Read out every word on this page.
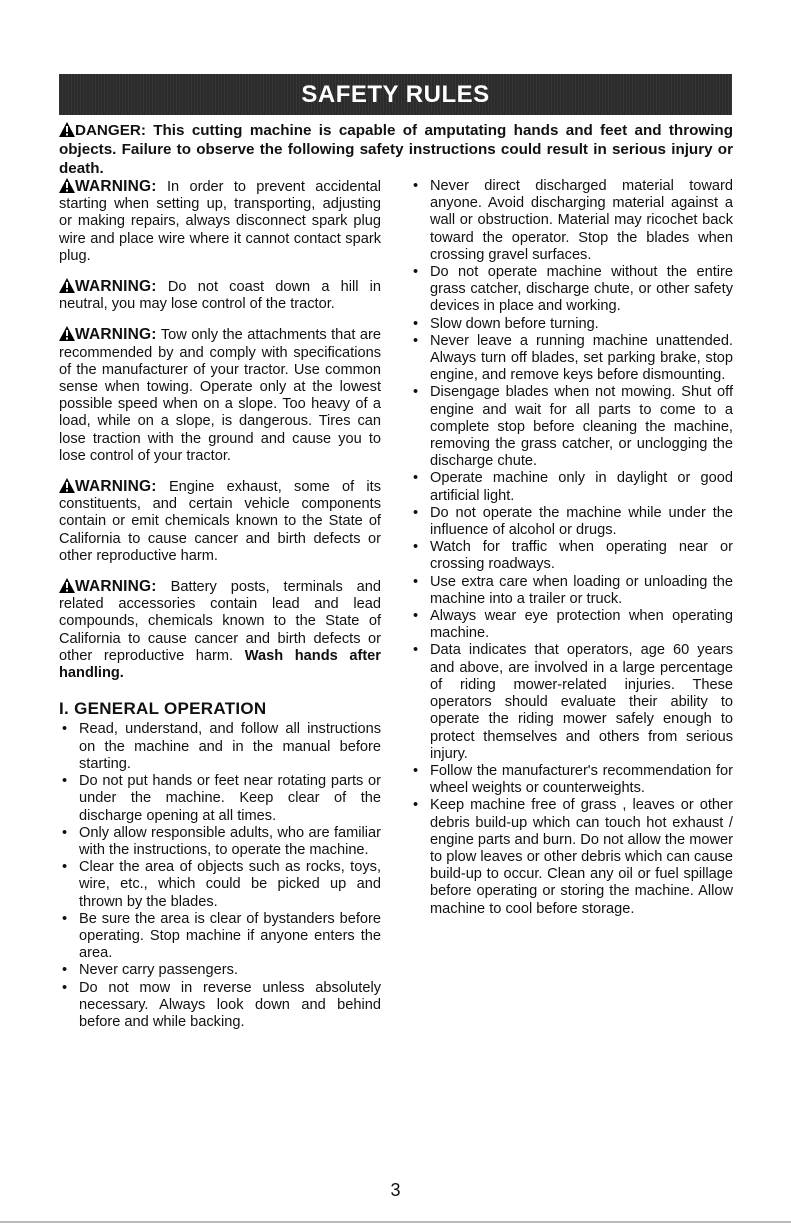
SAFETY RULES
DANGER: This cutting machine is capable of amputating hands and feet and throwing objects. Failure to observe the following safety instructions could result in serious injury or death.

WARNING: In order to prevent accidental starting when setting up, transporting, adjusting or making repairs, always disconnect spark plug wire and place wire where it cannot contact spark plug.

WARNING: Do not coast down a hill in neutral, you may lose control of the tractor.

WARNING: Tow only the attachments that are recommended by and comply with specifications of the manufacturer of your tractor. Use common sense when towing. Operate only at the lowest possible speed when on a slope. Too heavy of a load, while on a slope, is dangerous. Tires can lose traction with the ground and cause you to lose control of your tractor.

WARNING: Engine exhaust, some of its constituents, and certain vehicle components contain or emit chemicals known to the State of California to cause cancer and birth defects or other reproductive harm.

WARNING: Battery posts, terminals and related accessories contain lead and lead compounds, chemicals known to the State of California to cause cancer and birth defects or other reproductive harm. Wash hands after handling.

I. GENERAL OPERATION
• Read, understand, and follow all instructions on the machine and in the manual before starting.
• Do not put hands or feet near rotating parts or under the machine. Keep clear of the discharge opening at all times.
• Only allow responsible adults, who are familiar with the instructions, to operate the machine.
• Clear the area of objects such as rocks, toys, wire, etc., which could be picked up and thrown by the blades.
• Be sure the area is clear of bystanders before operating. Stop machine if anyone enters the area.
• Never carry passengers.
• Do not mow in reverse unless absolutely necessary. Always look down and behind before and while backing.
• Never direct discharged material toward anyone. Avoid discharging material against a wall or obstruction. Material may ricochet back toward the operator. Stop the blades when crossing gravel surfaces.
• Do not operate machine without the entire grass catcher, discharge chute, or other safety devices in place and working.
• Slow down before turning.
• Never leave a running machine unattended. Always turn off blades, set parking brake, stop engine, and remove keys before dismounting.
• Disengage blades when not mowing. Shut off engine and wait for all parts to come to a complete stop before cleaning the machine, removing the grass catcher, or unclogging the discharge chute.
• Operate machine only in daylight or good artificial light.
• Do not operate the machine while under the influence of alcohol or drugs.
• Watch for traffic when operating near or crossing roadways.
• Use extra care when loading or unloading the machine into a trailer or truck.
• Always wear eye protection when operating machine.
• Data indicates that operators, age 60 years and above, are involved in a large percentage of riding mower-related injuries. These operators should evaluate their ability to operate the riding mower safely enough to protect themselves and others from serious injury.
• Follow the manufacturer's recommendation for wheel weights or counterweights.
• Keep machine free of grass , leaves or other debris build-up which can touch hot exhaust / engine parts and burn. Do not allow the mower to plow leaves or other debris which can cause build-up to occur. Clean any oil or fuel spillage before operating or storing the machine. Allow machine to cool before storage.
3
